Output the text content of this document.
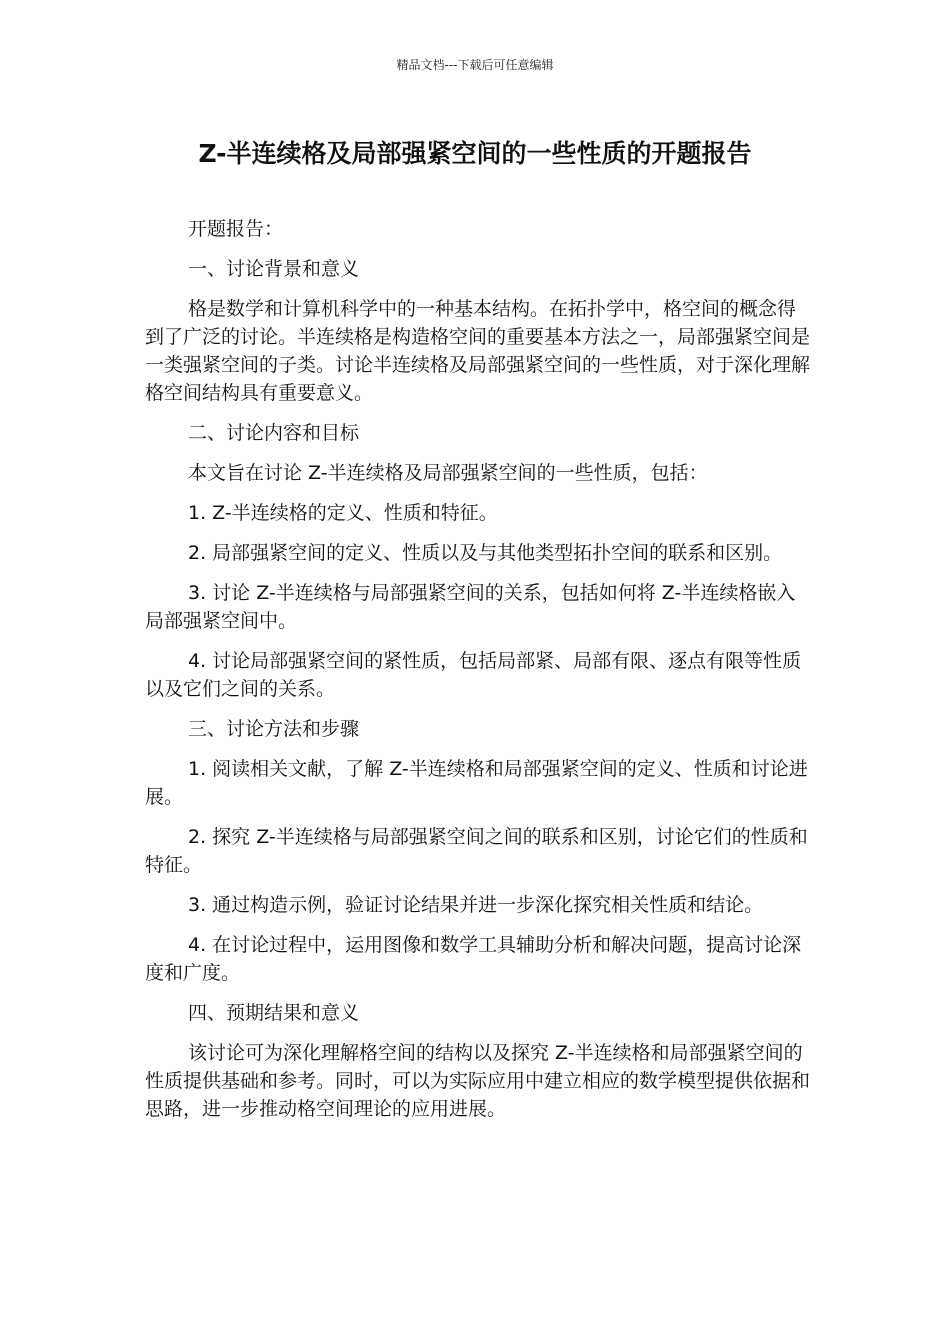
精品文档---下载后可任意编辑
Z-半连续格及局部强紧空间的一些性质的开题报告

开题报告：

一、讨论背景和意义

格是数学和计算机科学中的一种基本结构。在拓扑学中，格空间的概念得到了广泛的讨论。半连续格是构造格空间的重要基本方法之一，局部强紧空间是一类强紧空间的子类。讨论半连续格及局部强紧空间的一些性质，对于深化理解格空间结构具有重要意义。

二、讨论内容和目标

本文旨在讨论 Z-半连续格及局部强紧空间的一些性质，包括：

1. Z-半连续格的定义、性质和特征。

2. 局部强紧空间的定义、性质以及与其他类型拓扑空间的联系和区别。

3. 讨论 Z-半连续格与局部强紧空间的关系，包括如何将 Z-半连续格嵌入局部强紧空间中。

4. 讨论局部强紧空间的紧性质，包括局部紧、局部有限、逐点有限等性质以及它们之间的关系。

三、讨论方法和步骤

1. 阅读相关文献，了解 Z-半连续格和局部强紧空间的定义、性质和讨论进展。

2. 探究 Z-半连续格与局部强紧空间之间的联系和区别，讨论它们的性质和特征。

3. 通过构造示例，验证讨论结果并进一步深化探究相关性质和结论。

4. 在讨论过程中，运用图像和数学工具辅助分析和解决问题，提高讨论深度和广度。

四、预期结果和意义

该讨论可为深化理解格空间的结构以及探究 Z-半连续格和局部强紧空间的性质提供基础和参考。同时，可以为实际应用中建立相应的数学模型提供依据和思路，进一步推动格空间理论的应用进展。
